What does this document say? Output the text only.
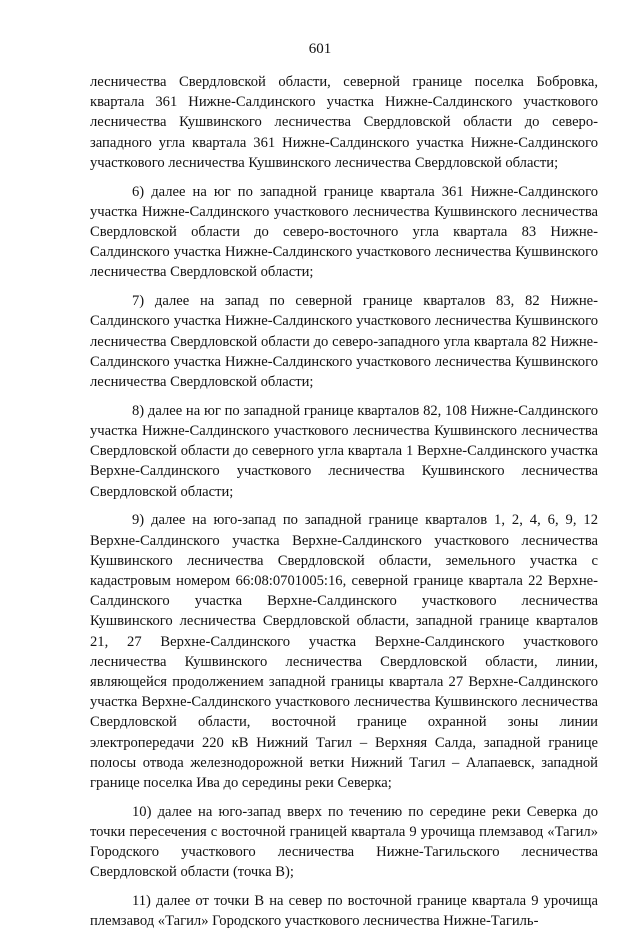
601

лесничества Свердловской области, северной границе поселка Бобровка, квартала 361 Нижне-Салдинского участка Нижне-Салдинского участкового лесничества Кушвинского лесничества Свердловской области до северо-западного угла квартала 361 Нижне-Салдинского участка Нижне-Салдинского участкового лесничества Кушвинского лесничества Свердловской области;

6) далее на юг по западной границе квартала 361 Нижне-Салдинского участка Нижне-Салдинского участкового лесничества Кушвинского лесничества Свердловской области до северо-восточного угла квартала 83 Нижне-Салдинского участка Нижне-Салдинского участкового лесничества Кушвинского лесничества Свердловской области;

7) далее на запад по северной границе кварталов 83, 82 Нижне-Салдинского участка Нижне-Салдинского участкового лесничества Кушвинского лесничества Свердловской области до северо-западного угла квартала 82 Нижне-Салдинского участка Нижне-Салдинского участкового лесничества Кушвинского лесничества Свердловской области;

8) далее на юг по западной границе кварталов 82, 108 Нижне-Салдинского участка Нижне-Салдинского участкового лесничества Кушвинского лесничества Свердловской области до северного угла квартала 1 Верхне-Салдинского участка Верхне-Салдинского участкового лесничества Кушвинского лесничества Свердловской области;

9) далее на юго-запад по западной границе кварталов 1, 2, 4, 6, 9, 12 Верхне-Салдинского участка Верхне-Салдинского участкового лесничества Кушвинского лесничества Свердловской области, земельного участка с кадастровым номером 66:08:0701005:16, северной границе квартала 22 Верхне-Салдинского участка Верхне-Салдинского участкового лесничества Кушвинского лесничества Свердловской области, западной границе кварталов 21, 27 Верхне-Салдинского участка Верхне-Салдинского участкового лесничества Кушвинского лесничества Свердловской области, линии, являющейся продолжением западной границы квартала 27 Верхне-Салдинского участка Верхне-Салдинского участкового лесничества Кушвинского лесничества Свердловской области, восточной границе охранной зоны линии электропередачи 220 кВ Нижний Тагил – Верхняя Салда, западной границе полосы отвода железнодорожной ветки Нижний Тагил – Алапаевск, западной границе поселка Ива до середины реки Северка;

10) далее на юго-запад вверх по течению по середине реки Северка до точки пересечения с восточной границей квартала 9 урочища племзавод «Тагил» Городского участкового лесничества Нижне-Тагильского лесничества Свердловской области (точка В);

11) далее от точки В на север по восточной границе квартала 9 урочища племзавод «Тагил» Городского участкового лесничества Нижне-Тагиль-
